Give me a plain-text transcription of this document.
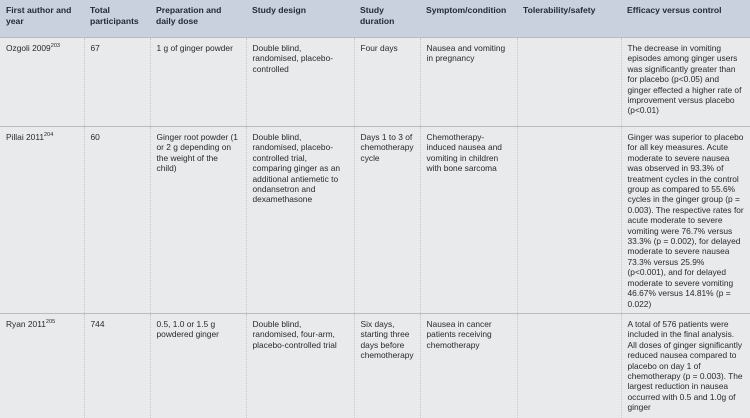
First author and year	Total participants	Preparation and daily dose	Study design	Study duration	Symptom/condition	Tolerability/safety	Efficacy versus control
Ozgoli 2009$^{203}$	67	1 g of ginger powder	Double blind, randomised, placebo-controlled	Four days	Nausea and vomiting in pregnancy		The decrease in vomiting episodes among ginger users was significantly greater than for placebo (p<0.05) and ginger effected a higher rate of improvement versus placebo (p<0.01)
Pillai 2011$^{204}$	60	Ginger root powder (1 or 2 g depending on the weight of the child)	Double blind, randomised, placebo-controlled trial, comparing ginger as an additional antiemetic to ondansetron and dexamethasone	Days 1 to 3 of chemotherapy cycle	Chemotherapy-induced nausea and vomiting in children with bone sarcoma		Ginger was superior to placebo for all key measures. Acute moderate to severe nausea was observed in 93.3% of treatment cycles in the control group as compared to 55.6% cycles in the ginger group (p = 0.003). The respective rates for acute moderate to severe vomiting were 76.7% versus 33.3% (p = 0.002), for delayed moderate to severe nausea 73.3% versus 25.9% (p<0.001), and for delayed moderate to severe vomiting 46.67% versus 14.81% (p = 0.022)
Ryan 2011$^{205}$	744	0.5, 1.0 or 1.5 g powdered ginger	Double blind, randomised, four-arm, placebo-controlled trial	Six days, starting three days before chemotherapy	Nausea in cancer patients receiving chemotherapy		A total of 576 patients were included in the final analysis. All doses of ginger significantly reduced nausea compared to placebo on day 1 of chemotherapy (p = 0.003). The largest reduction in nausea occurred with 0.5 and 1.0g of ginger
